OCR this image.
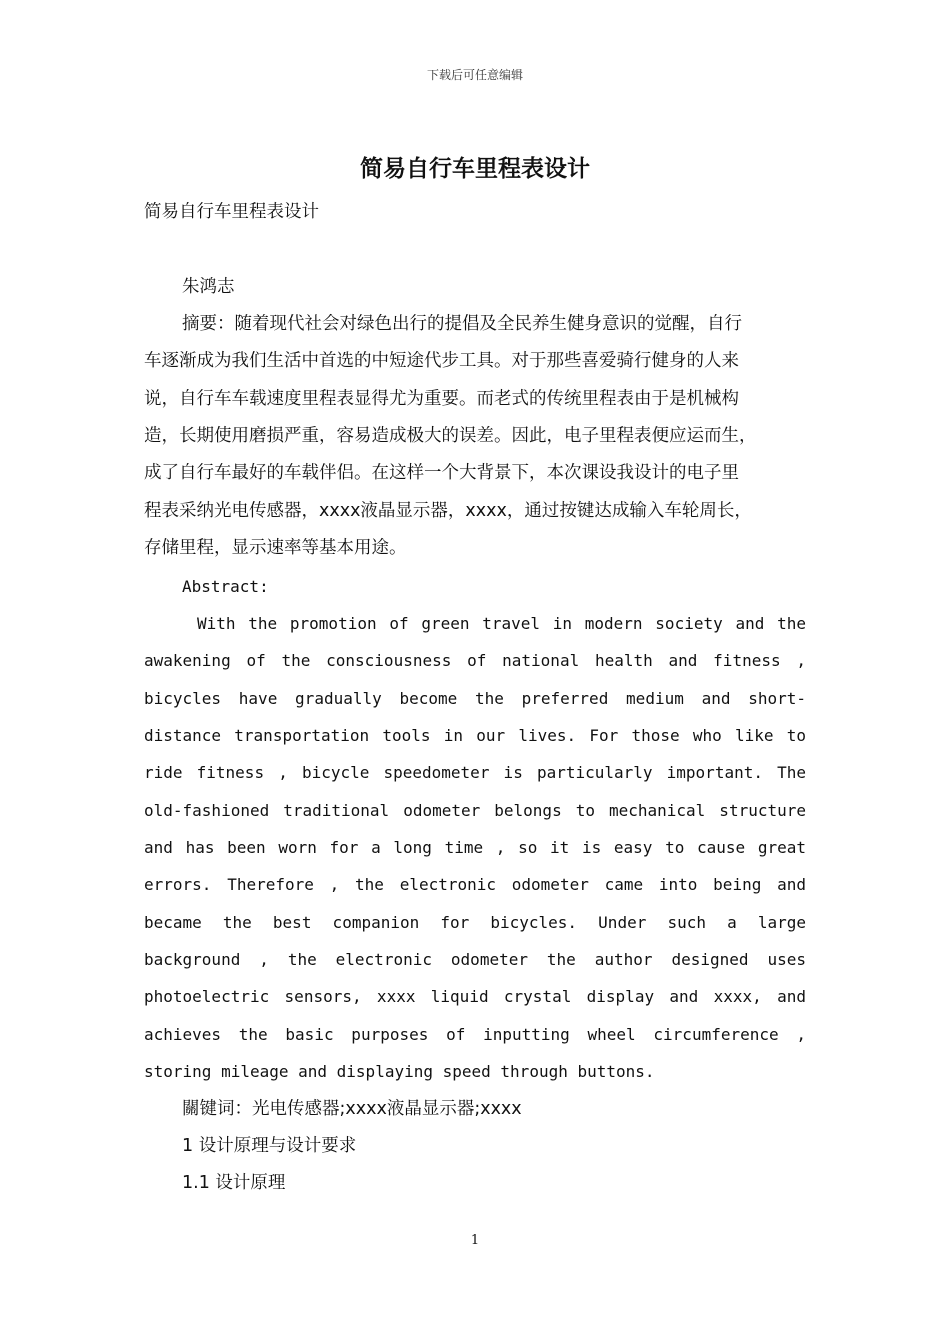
下载后可任意编辑
简易自行车里程表设计
简易自行车里程表设计
朱鸿志
摘要：随着现代社会对绿色出行的提倡及全民养生健身意识的觉醒，自行
车逐渐成为我们生活中首选的中短途代步工具。对于那些喜爱骑行健身的人来
说，自行车车载速度里程表显得尤为重要。而老式的传统里程表由于是机械构
造，长期使用磨损严重，容易造成极大的误差。因此，电子里程表便应运而生，
成了自行车最好的车载伴侣。在这样一个大背景下，本次课设我设计的电子里
程表采纳光电传感器，xxxx液晶显示器，xxxx，通过按键达成输入车轮周长，
存储里程，显示速率等基本用途。
Abstract:
With the promotion of green travel in modern society and the
awakening of the consciousness of national health and fitness ,
bicycles have gradually become the preferred medium and short-
distance transportation tools in our lives. For those who like to
ride fitness , bicycle speedometer is particularly important. The
old-fashioned traditional odometer belongs to mechanical structure
and has been worn for a long time , so it is easy to cause great
errors. Therefore , the electronic odometer came into being and
became the best companion for bicycles. Under such a large
background , the electronic odometer the author designed uses
photoelectric sensors, xxxx liquid crystal display and xxxx, and
achieves the basic purposes of inputting wheel circumference ,
storing mileage and displaying speed through buttons.
關键词：光电传感器;xxxx液晶显示器;xxxx
1 设计原理与设计要求
1.1 设计原理
1
